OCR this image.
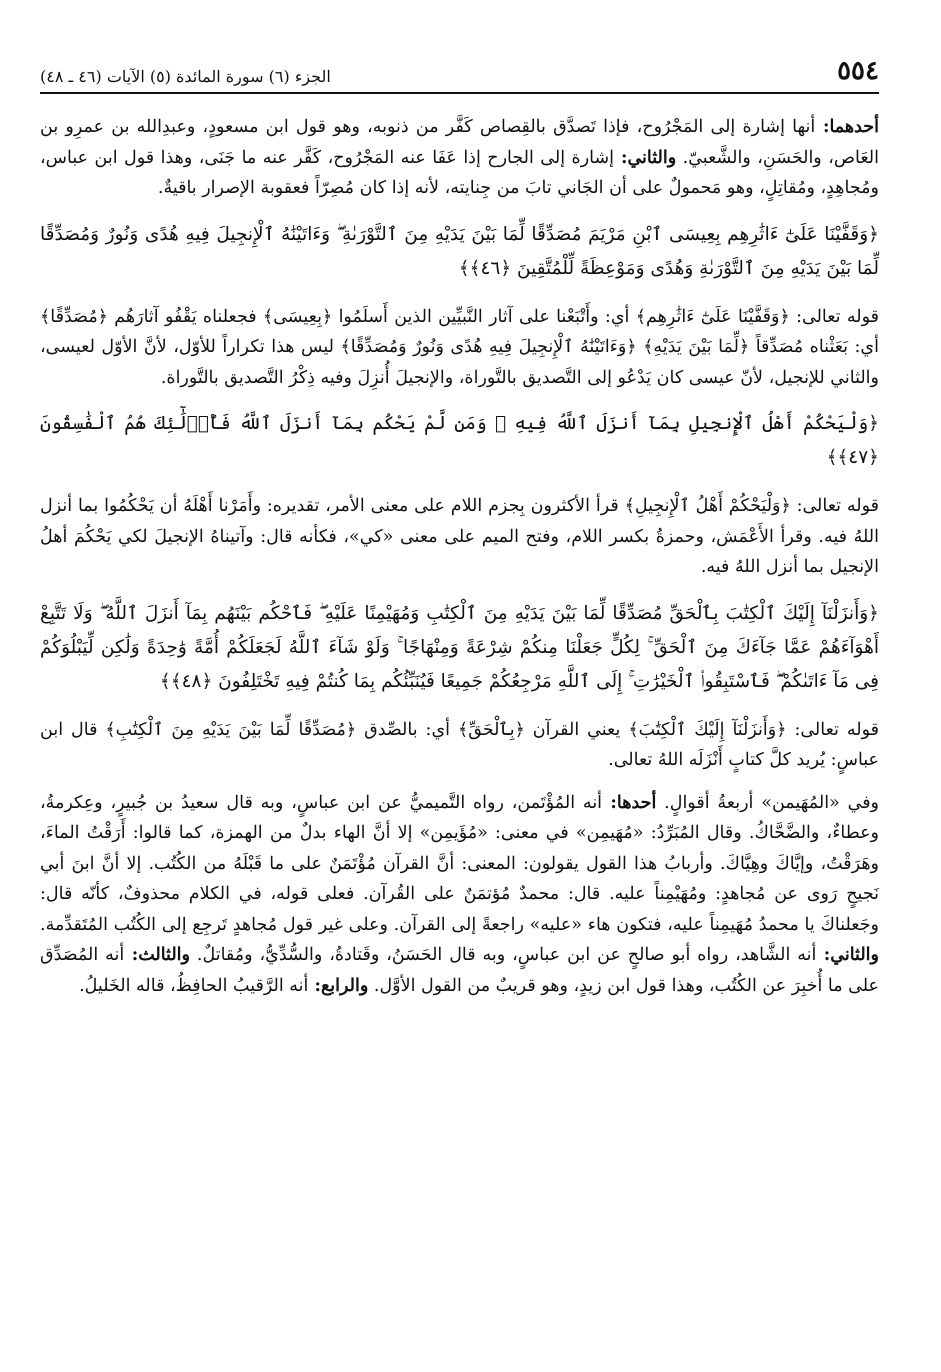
٥٥٤
الجزء (٦) سورة المائدة (٥) الآيات (٤٦ ـ ٤٨)

أحدهما: أنها إشارة إلى المَجْرُوح، فإذا تَصدَّق بالقِصاص كَفَّر من ذنوبه، وهو قول ابن مسعودٍ، وعبدِالله بن عمرِو بن العَاص، والحَسَنِ، والشَّعبيّ. والثاني: إشارة إلى الجارح إذا عَفَا عنه المَجْرُوح، كَفَّر عنه ما جَنَى، وهذا قول ابن عباس، ومُجاهِدٍ، ومُقاتِلٍ، وهو مَحمولٌ على أن الجَاني تابَ من جِنايته، لأنه إذا كان مُصِرّاً فعقوبة الإصرار باقيةٌ.

﴿وَقَفَّيْنَا عَلَىٰٓ ءَاثَٰرِهِم بِعِيسَى ٱبْنِ مَرْيَمَ مُصَدِّقًا لِّمَا بَيْنَ يَدَيْهِ مِنَ ٱلتَّوْرَىٰةِ ۖ وَءَاتَيْنَٰهُ ٱلْإِنجِيلَ فِيهِ هُدًى وَنُورٌ وَمُصَدِّقًا لِّمَا بَيْنَ يَدَيْهِ مِنَ ٱلتَّوْرَىٰةِ وَهُدًى وَمَوْعِظَةً لِّلْمُتَّقِينَ ﴿٤٦﴾﴾

قوله تعالى: ﴿وَقَفَّيْنَا عَلَىٰٓ ءَاثَٰرِهِم﴾ أي: وأَتْبَعْنا على آثار النَّبيِّين الذين أَسلَمُوا ﴿بِعِيسَى﴾ فجعلناه يَقْفُو آثارَهُم ﴿مُصَدِّقًا﴾ أي: بَعَثْناه مُصَدِّقاً ﴿لِّمَا بَيْنَ يَدَيْهِ﴾ ﴿وَءَاتَيْنَٰهُ ٱلْإِنجِيلَ فِيهِ هُدًى وَنُورٌ وَمُصَدِّقًا﴾ ليس هذا تكراراً للأوّل، لأنَّ الأوّل لعيسى، والثاني للإنجيل، لأنّ عيسى كان يَدْعُو إلى التَّصديق بالتَّوراة، والإنجيلَ أُنزِلَ وفيه ذِكْرُ التَّصديق بالتَّوراة.

﴿وَلْيَحْكُمْ أَهْلُ ٱلْإِنجِيلِ بِمَآ أَنزَلَ ٱللَّهُ فِيهِ ۚ وَمَن لَّمْ يَحْكُم بِمَآ أَنزَلَ ٱللَّهُ فَأُو۟لَٰٓئِكَ هُمُ ٱلْفَٰسِقُونَ ﴿٤٧﴾﴾

قوله تعالى: ﴿وَلْيَحْكُمْ أَهْلُ ٱلْإِنجِيلِ﴾ قرأ الأكثرون بِجزم اللام على معنى الأمر، تقديره: وأَمَرْنا أَهْلَهُ أن يَحْكُمُوا بما أنزل اللهُ فيه. وقرأ الأَعْمَش، وحمزةُ بكسر اللام، وفتح الميم على معنى «كي»، فكأنه قال: وآتيناهُ الإنجيلَ لكي يَحْكُمَ أهلُ الإنجيل بما أنزل اللهُ فيه.

﴿وَأَنزَلْنَآ إِلَيْكَ ٱلْكِتَٰبَ بِٱلْحَقِّ مُصَدِّقًا لِّمَا بَيْنَ يَدَيْهِ مِنَ ٱلْكِتَٰبِ وَمُهَيْمِنًا عَلَيْهِ ۖ فَٱحْكُم بَيْنَهُم بِمَآ أَنزَلَ ٱللَّهُ ۖ وَلَا تَتَّبِعْ أَهْوَآءَهُمْ عَمَّا جَآءَكَ مِنَ ٱلْحَقِّ ۚ لِكُلٍّ جَعَلْنَا مِنكُمْ شِرْعَةً وَمِنْهَاجًا ۚ وَلَوْ شَآءَ ٱللَّهُ لَجَعَلَكُمْ أُمَّةً وَٰحِدَةً وَلَٰكِن لِّيَبْلُوَكُمْ فِى مَآ ءَاتَىٰكُمْ ۖ فَٱسْتَبِقُوا۟ ٱلْخَيْرَٰتِ ۚ إِلَى ٱللَّهِ مَرْجِعُكُمْ جَمِيعًا فَيُنَبِّئُكُم بِمَا كُنتُمْ فِيهِ تَخْتَلِفُونَ ﴿٤٨﴾﴾

قوله تعالى: ﴿وَأَنزَلْنَآ إِلَيْكَ ٱلْكِتَٰبَ﴾ يعني القرآن ﴿بِٱلْحَقِّ﴾ أي: بالصِّدق ﴿مُصَدِّقًا لِّمَا بَيْنَ يَدَيْهِ مِنَ ٱلْكِتَٰبِ﴾ قال ابن عباسٍ: يُريد كلَّ كتابٍ أَنْزَلَه اللهُ تعالى.

وفي «المُهَيمن» أربعةُ أقوالٍ. أحدها: أنه المُؤْتَمن، رواه التَّميميُّ عن ابن عباسٍ، وبه قال سعيدُ بن جُبيرٍ، وعِكرمةُ، وعطاءٌ، والضَّحَّاكُ. وقال المُبَرِّدُ: «مُهَيمِن» في معنى: «مُؤَيمِن» إلا أنَّ الهاء بدلٌ من الهمزة، كما قالوا: أَرَقْتُ الماءَ، وهَرَقْتُ، وإيَّاكَ وهِيَّاكَ. وأربابُ هذا القول يقولون: المعنى: أنَّ القرآن مُؤْتَمَنٌ على ما قَبْلَهُ من الكُتُب. إلا أنَّ ابنَ أبي نَجيحٍ رَوى عن مُجاهدٍ: ومُهَيْمِناً عليه. قال: محمدٌ مُؤتمَنٌ على القُرآن. فعلى قوله، في الكلام محذوفٌ، كأنّه قال: وجَعلناكَ يا محمدُ مُهَيمِناً عليه، فتكون هاء «عليه» راجعةً إلى القرآن. وعلى غير قول مُجاهدٍ تَرجِع إلى الكُتُب المُتَقدِّمة. والثاني: أنه الشَّاهد، رواه أبو صالحٍ عن ابن عباسٍ، وبه قال الحَسَنُ، وقَتادةُ، والسُّدِّيُّ، ومُقاتلٌ. والثالث: أنه المُصَدِّق على ما أُخبِرَ عن الكُتُب، وهذا قول ابن زيدٍ، وهو قريبٌ من القول الأوَّل. والرابع: أنه الرَّقيبُ الحافِظُ، قاله الخَليلُ.
